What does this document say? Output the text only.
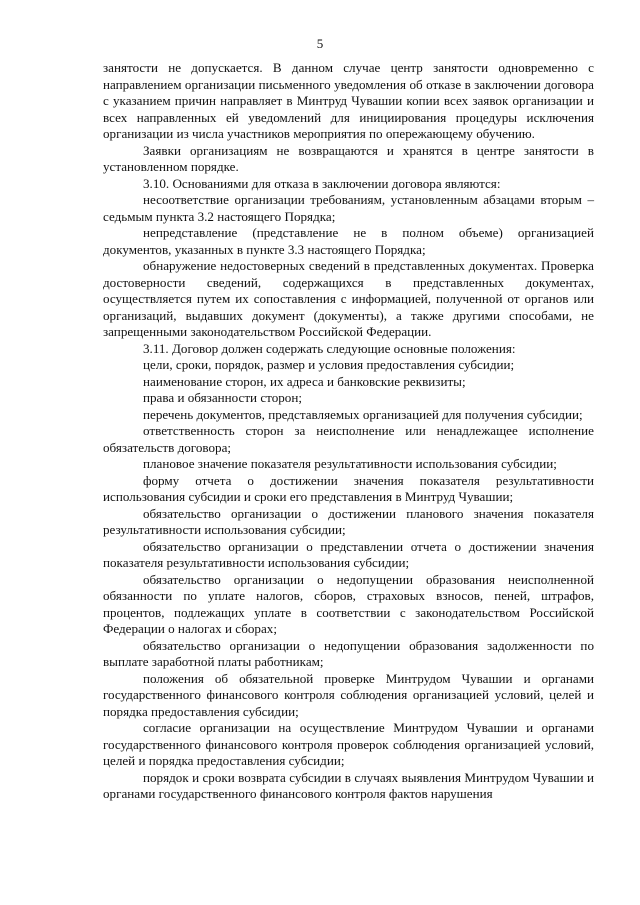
5

занятости не допускается. В данном случае центр занятости одновременно с направлением организации письменного уведомления об отказе в заключении договора с указанием причин направляет в Минтруд Чувашии копии всех заявок организации и всех направленных ей уведомлений для инициирования процедуры исключения организации из числа участников мероприятия по опережающему обучению.

Заявки организациям не возвращаются и хранятся в центре занятости в установленном порядке.

3.10. Основаниями для отказа в заключении договора являются:

несоответствие организации требованиям, установленным абзацами вторым – седьмым пункта 3.2 настоящего Порядка;

непредставление (представление не в полном объеме) организацией документов, указанных в пункте 3.3 настоящего Порядка;

обнаружение недостоверных сведений в представленных документах. Проверка достоверности сведений, содержащихся в представленных документах, осуществляется путем их сопоставления с информацией, полученной от органов или организаций, выдавших документ (документы), а также другими способами, не запрещенными законодательством Российской Федерации.

3.11. Договор должен содержать следующие основные положения:

цели, сроки, порядок, размер и условия предоставления субсидии;

наименование сторон, их адреса и банковские реквизиты;

права и обязанности сторон;

перечень документов, представляемых организацией для получения субсидии;

ответственность сторон за неисполнение или ненадлежащее исполнение обязательств договора;

плановое значение показателя результативности использования субсидии;

форму отчета о достижении значения показателя результативности использования субсидии и сроки его представления в Минтруд Чувашии;

обязательство организации о достижении планового значения показателя результативности использования субсидии;

обязательство организации о представлении отчета о достижении значения показателя результативности использования субсидии;

обязательство организации о недопущении образования неисполненной обязанности по уплате налогов, сборов, страховых взносов, пеней, штрафов, процентов, подлежащих уплате в соответствии с законодательством Российской Федерации о налогах и сборах;

обязательство организации о недопущении образования задолженности по выплате заработной платы работникам;

положения об обязательной проверке Минтрудом Чувашии и органами государственного финансового контроля соблюдения организацией условий, целей и порядка предоставления субсидии;

согласие организации на осуществление Минтрудом Чувашии и органами государственного финансового контроля проверок соблюдения организацией условий, целей и порядка предоставления субсидии;

порядок и сроки возврата субсидии в случаях выявления Минтрудом Чувашии и органами государственного финансового контроля фактов нарушения
